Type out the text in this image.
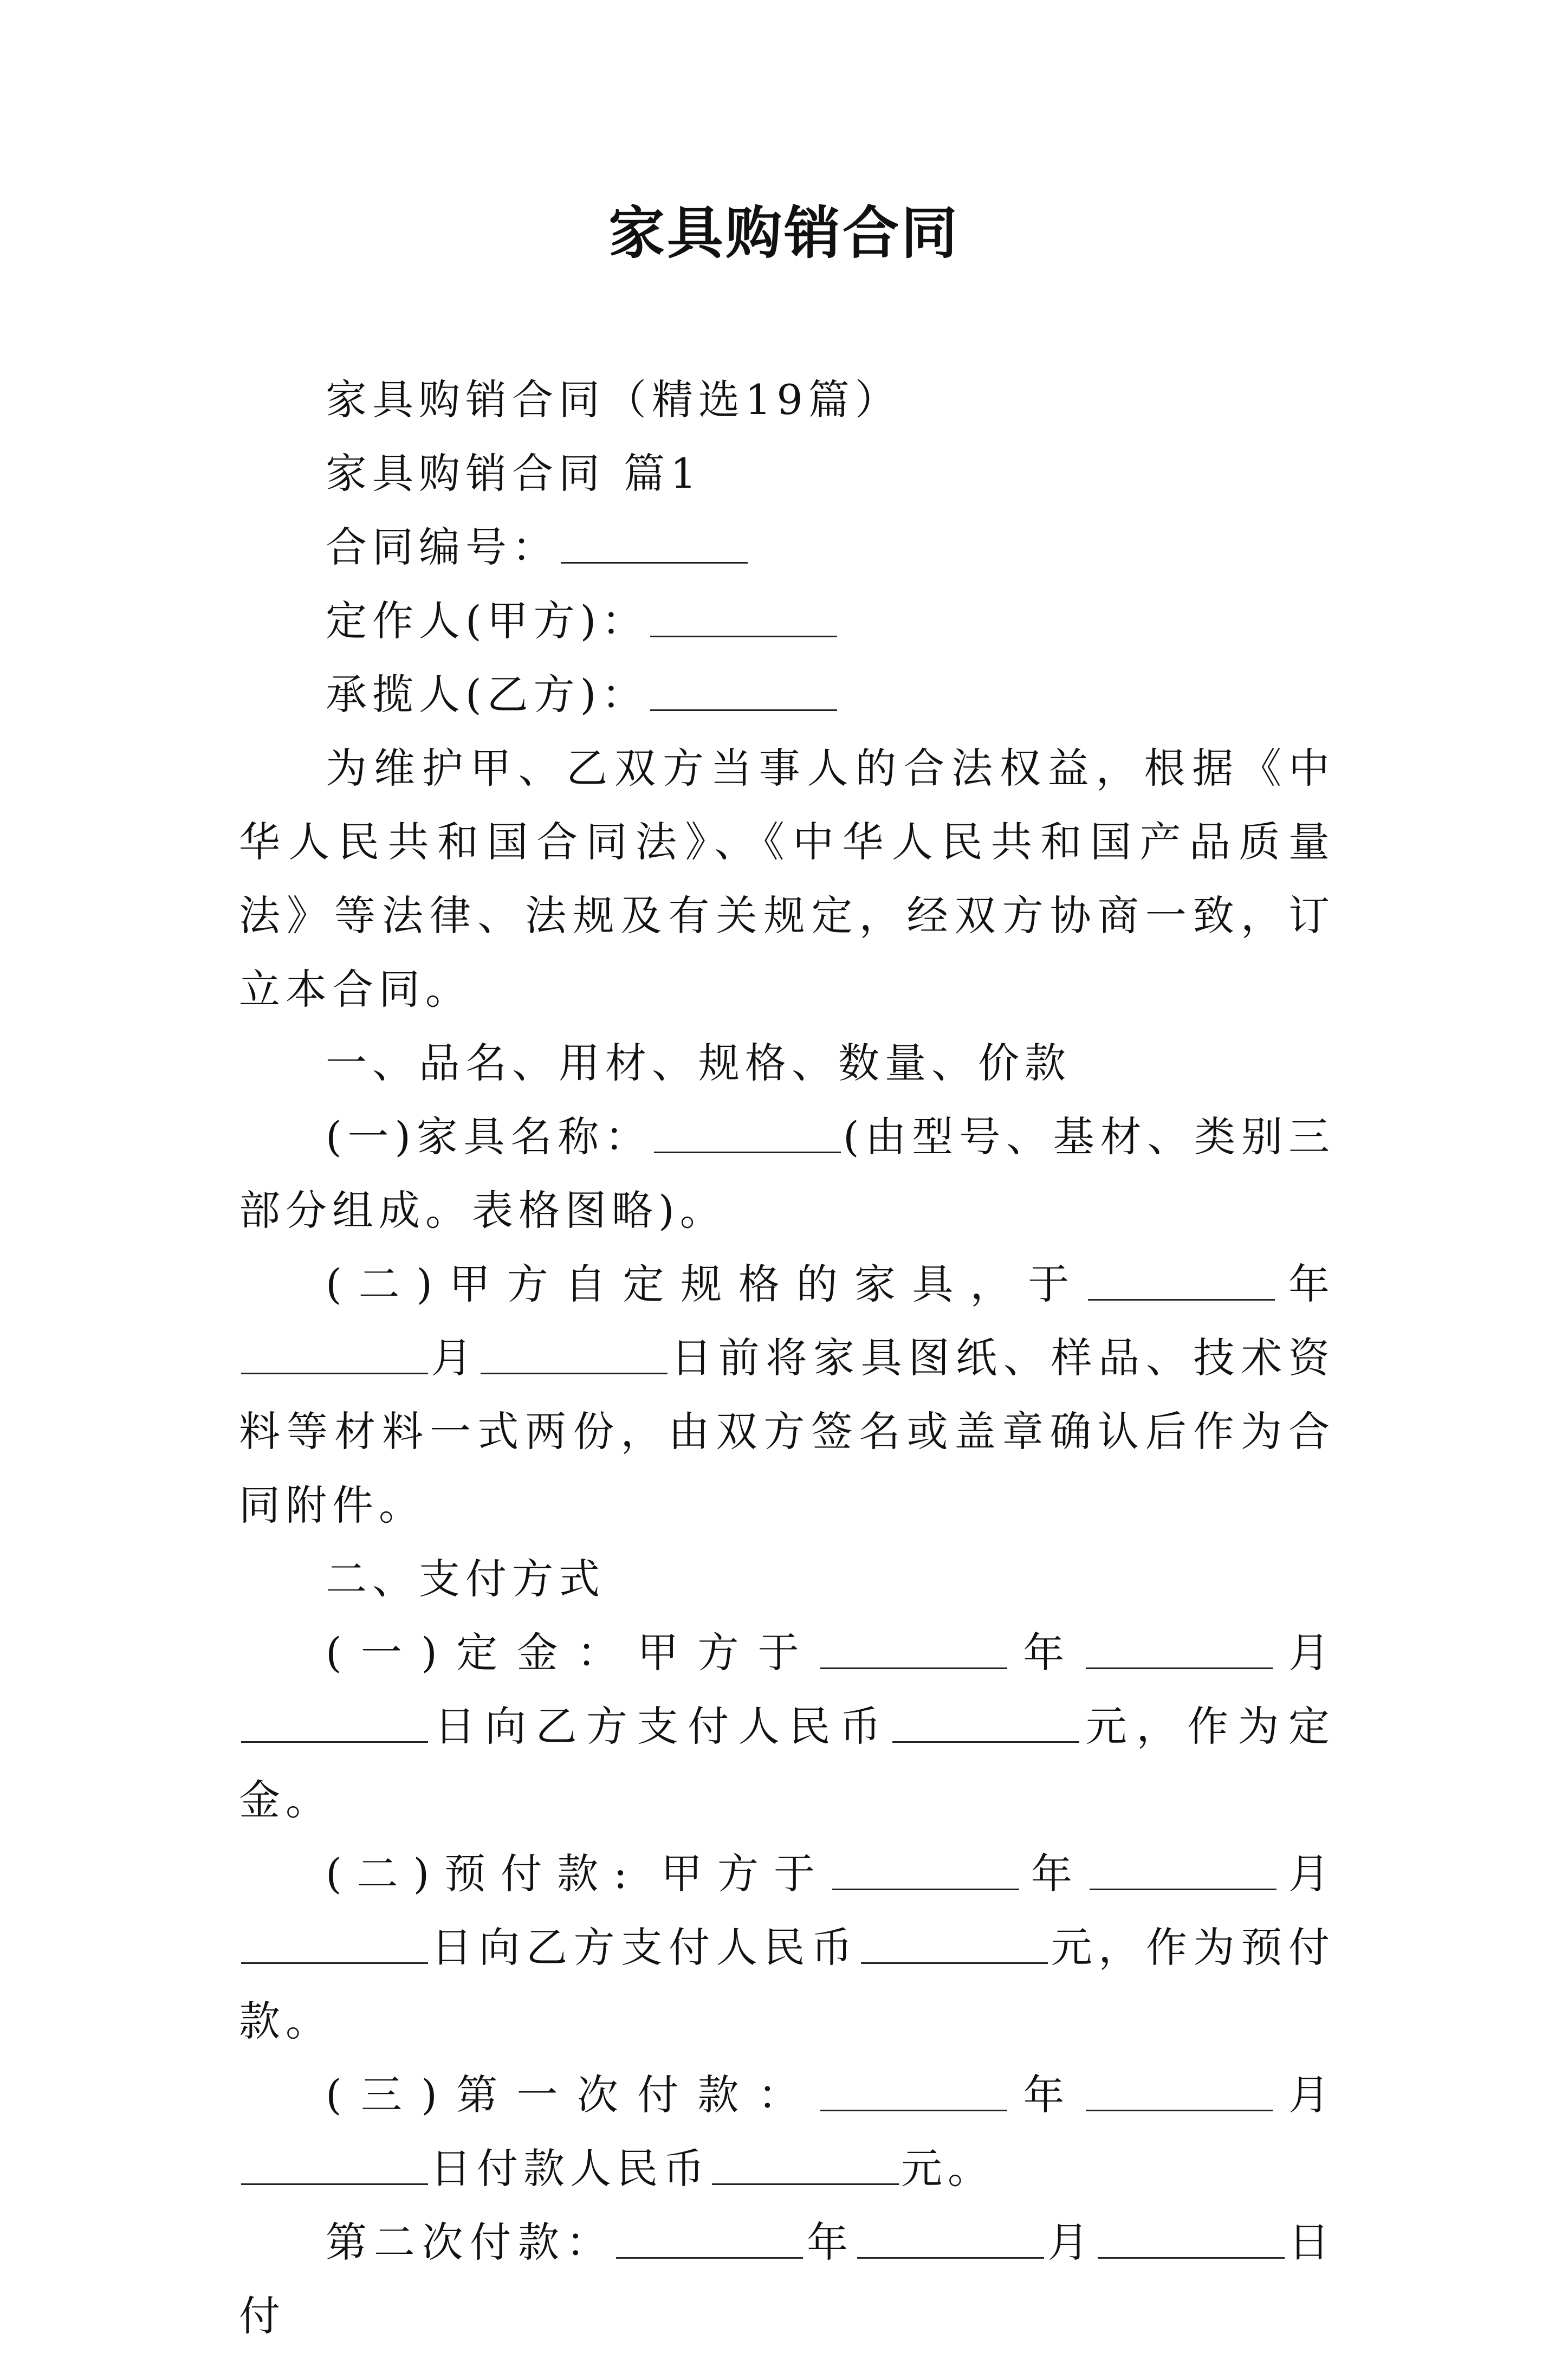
家具购销合同

家具购销合同（精选19篇）

家具购销合同 篇1

合同编号：

定作人(甲方)：

承揽人(乙方)：

为维护甲、乙双方当事人的合法权益，根据《中华人民共和国合同法》、《中华人民共和国产品质量法》等法律、法规及有关规定，经双方协商一致，订立本合同。

一、品名、用材、规格、数量、价款

(一)家具名称：	(由型号、基材、类别三部分组成。表格图略)。

(二)甲方自定规格的家具，于	年月	日前将家具图纸、样品、技术资料等材料一式两份，由双方签名或盖章确认后作为合同附件。

二、支付方式

(一)定金：甲方于	年	月日向乙方支付人民币	元，作为定金。

(二)预付款: 甲方于	年	月日向乙方支付人民币	元，作为预付款。

(三)第一次付款：	年	月日付款人民币	元。

第二次付款：	年	月	日付
